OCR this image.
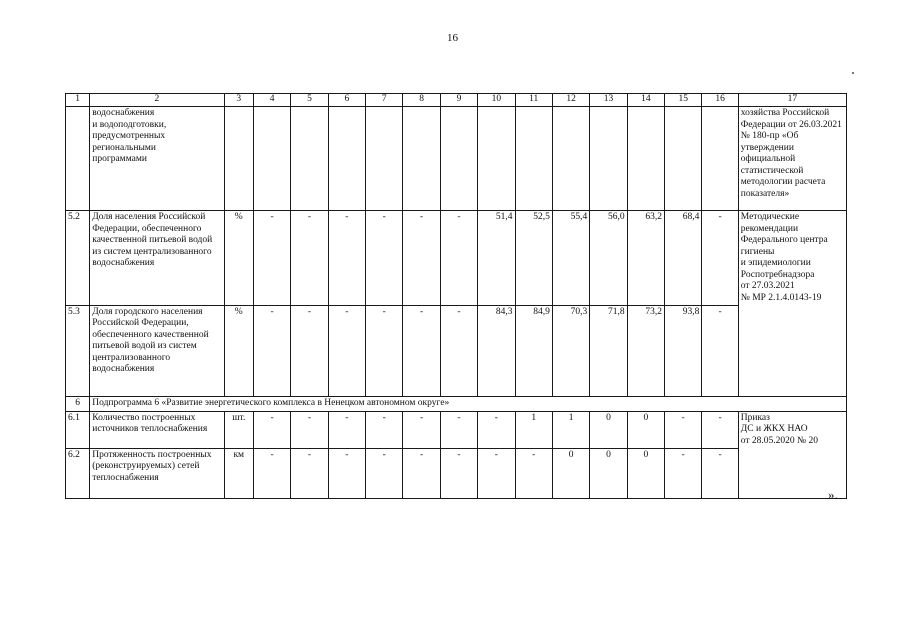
16
1	2	3	4	5	6	7	8	9	10	11	12	13	14	15	16	17
	водоснабжения
и водоподготовки,
предусмотренных
региональными
программами															хозяйства Российской Федерации от 26.03.2021 № 180-пр «Об утверждении официальной статистической методологии расчета показателя»
5.2	Доля населения Российской Федерации, обеспеченного качественной питьевой водой из систем централизованного водоснабжения	%	-	-	-	-	-	-	51,4	52,5	55,4	56,0	63,2	68,4	-	Методические рекомендации Федерального центра гигиены
и эпидемиологии Роспотребнадзора
от 27.03.2021
№ МР 2.1.4.0143-19
5.3	Доля городского населения Российской Федерации, обеспеченного качественной питьевой водой из систем централизованного водоснабжения	%	-	-	-	-	-	-	84,3	84,9	70,3	71,8	73,2	93,8	-	
6	Подпрограмма 6 «Развитие энергетического комплекса в Ненецком автономном округе»															
6.1	Количество построенных источников теплоснабжения	шт.	-	-	-	-	-	-	-	1	1	0	0	-	-	Приказ
ДС и ЖКХ НАО
от 28.05.2020 № 20
6.2	Протяженность построенных (реконструируемых) сетей теплоснабжения	км	-	-	-	-	-	-	-	-	0	0	0	-	-	
».
